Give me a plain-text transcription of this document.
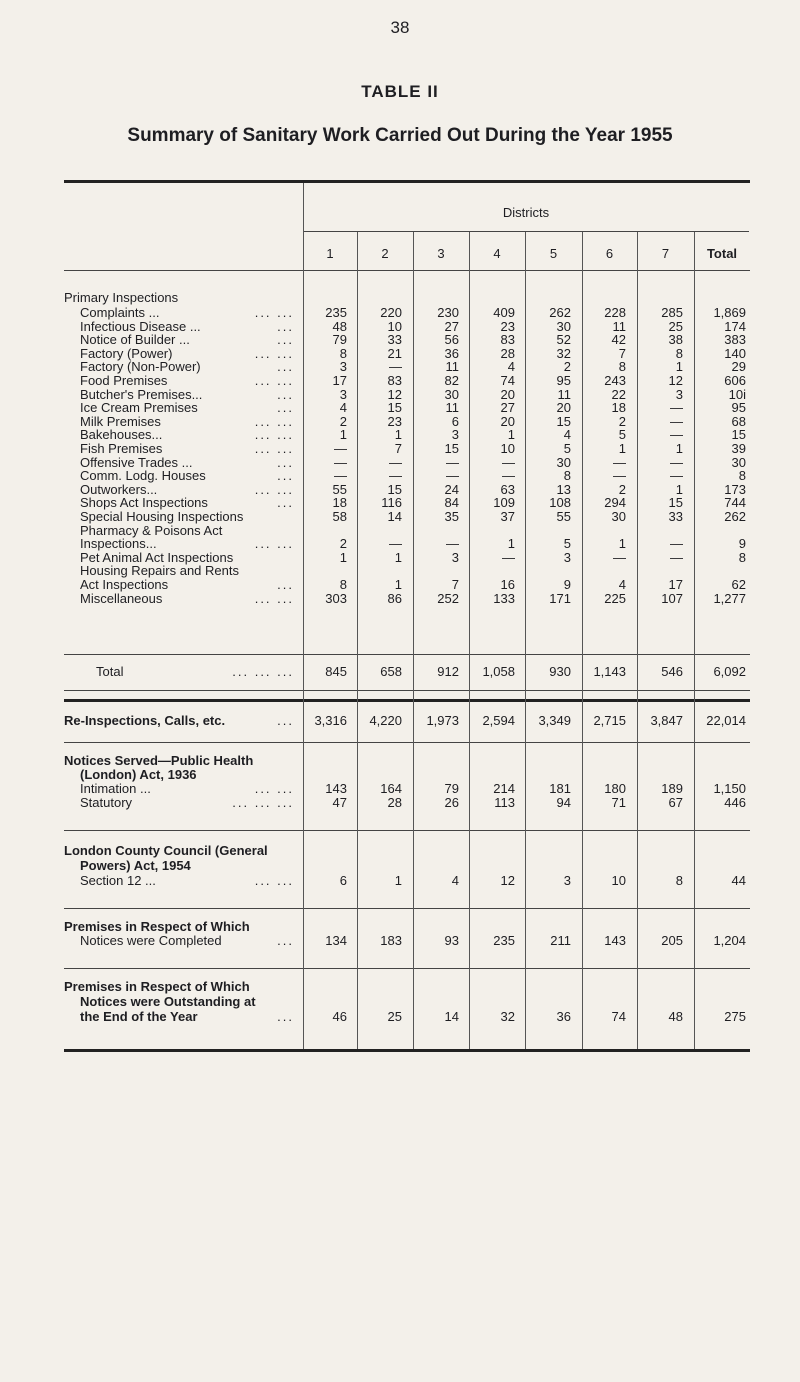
38
TABLE II
Summary of Sanitary Work Carried Out During the Year 1955
Districts
1	2	3	4	5	6	7	Total
Primary Inspections
Complaints ...	... ... 235	220	230	409	262	228	285 1,869
Infectious Disease ...	...	48	10	27	23	30	11	25	174
Notice of Builder ...	...	79	33	56	83	52	42	38	383
Factory (Power)	... ...	8	21	36	28	32	7	8	140
Factory (Non-Power)	...	3	—	11	4	2	8	1	29
Food Premises	... ...	17	83	82	74	95	243	12	606
Butcher's Premises...	...	3	12	30	20	11	22	3	10i
Ice Cream Premises	...	4	15	11	27	20	18	—	95
Milk Premises	... ...	2	23	6	20	15	2	—	68
Bakehouses...	... ...	1	1	3	1	4	5	—	15
Fish Premises	... ...	—	7	15	10	5	1	1	39
Offensive Trades ...	...	—	—	—	—	30	—	—	30
Comm. Lodg. Houses	...	—	—	—	—	8	—	—	8
Outworkers...	... ...	55	15	24	63	13	2	1	173
Shops Act Inspections	...	18	116	84	109	108	294	15	744
Special Housing Inspections	58	14	35	37	55	30	33	262
Pharmacy & Poisons Act
Inspections...	... ...	2	—	—	1	5	1	—	9
Pet Animal Act Inspections	1	1	3	—	3	—	—	8
Housing Repairs and Rents
Act Inspections	...	8	1	7	16	9	4	17	62
Miscellaneous	... ... 303	86	252	133	171	225	107 1,277
Total	... ... ... 845	658	912 1,058	930 1,143	546 6,092
Re-Inspections, Calls, etc.	... 3,316 4,220 1,973 2,594 3,349 2,715 3,847 22,014
Notices Served—Public Health
(London) Act, 1936
Intimation ...	... ... 143	164	79	214	181	180	189 1,150
Statutory	... ... ...	47	28	26	113	94	71	67	446
London County Council (General
Powers) Act, 1954
Section 12 ...	... ...	6	1	4	12	3	10	8	44
Premises in Respect of Which
Notices were Completed	... 134	183	93	235	211	143	205 1,204
Premises in Respect of Which
Notices were Outstanding at
the End of the Year	...	46	25	14	32	36	74	48	275
